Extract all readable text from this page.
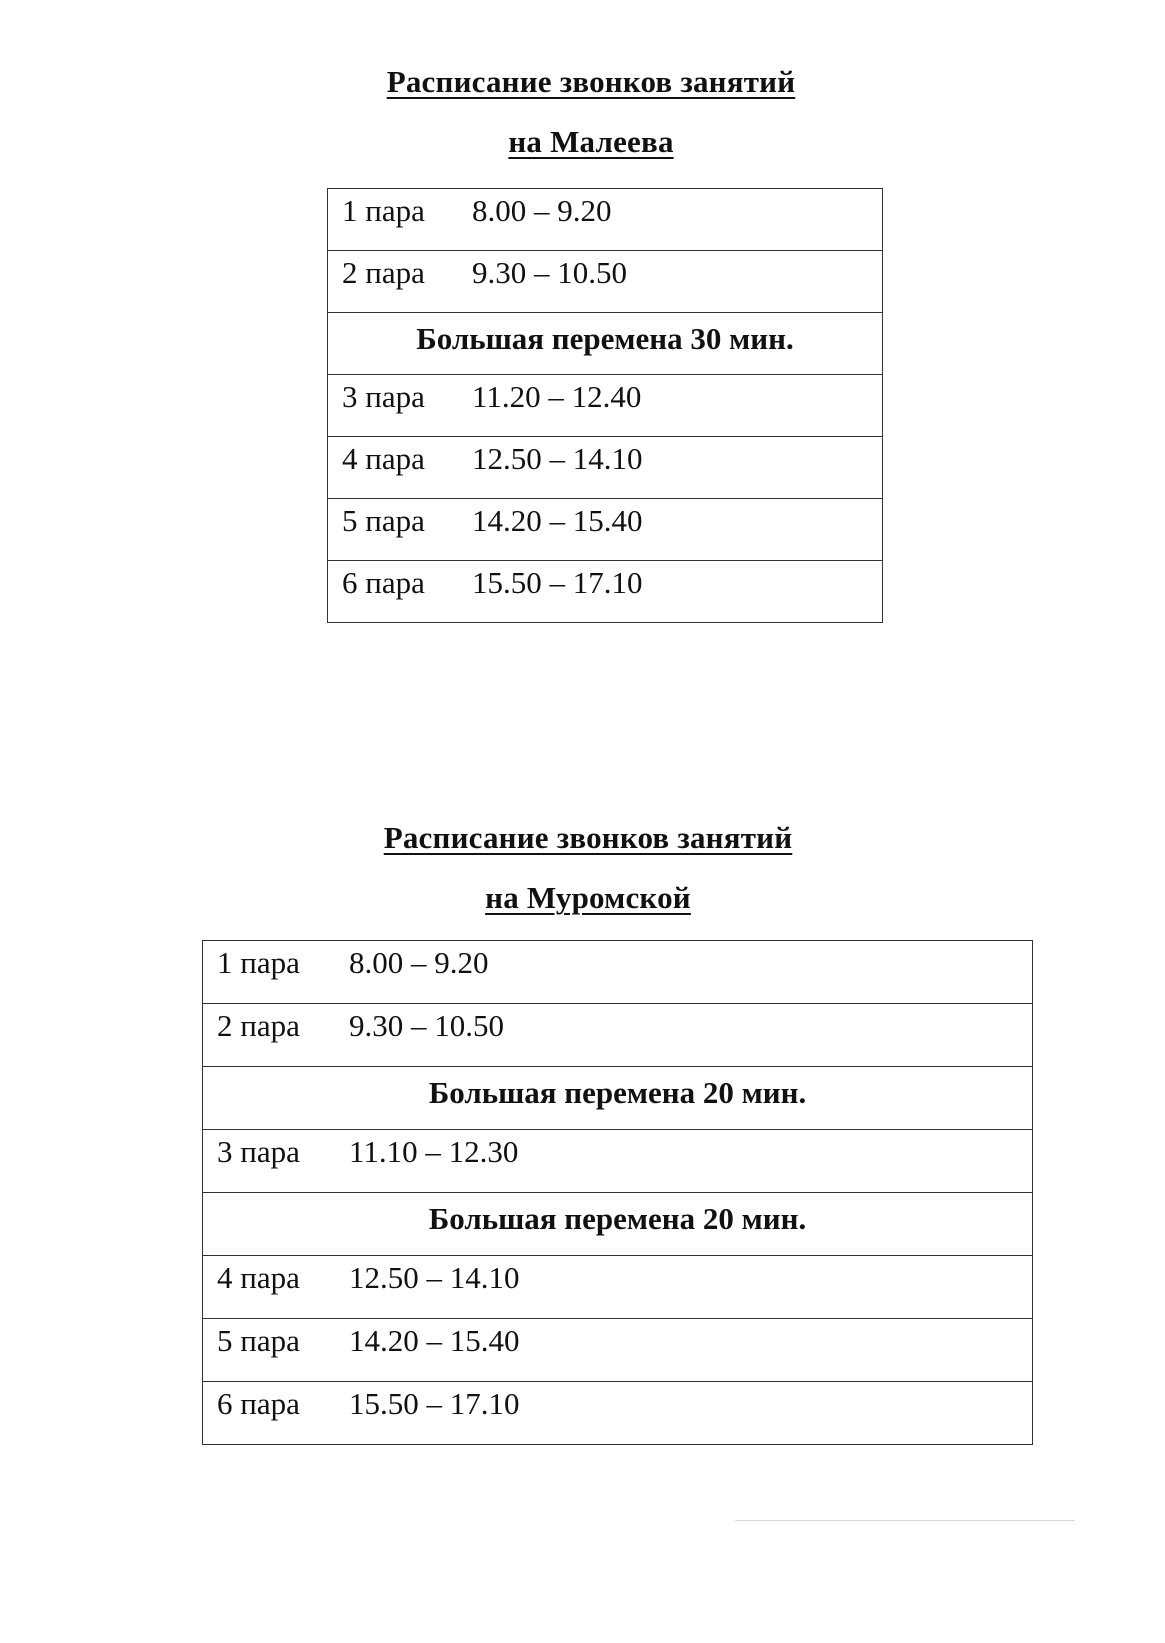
Расписание звонков занятий
на Малеева
1 пара	8.00 – 9.20

2 пара	9.30 – 10.50

Большая перемена 30 мин.

3 пара	11.20 – 12.40

4 пара	12.50 – 14.10

5 пара	14.20 – 15.40

6 пара	15.50 – 17.10
Расписание звонков занятий
на Муромской
1 пара	8.00 – 9.20

2 пара	9.30 – 10.50

Большая перемена 20 мин.

3 пара	11.10 – 12.30

Большая перемена 20 мин.

4 пара	12.50 – 14.10

5 пара	14.20 – 15.40

6 пара	15.50 – 17.10
